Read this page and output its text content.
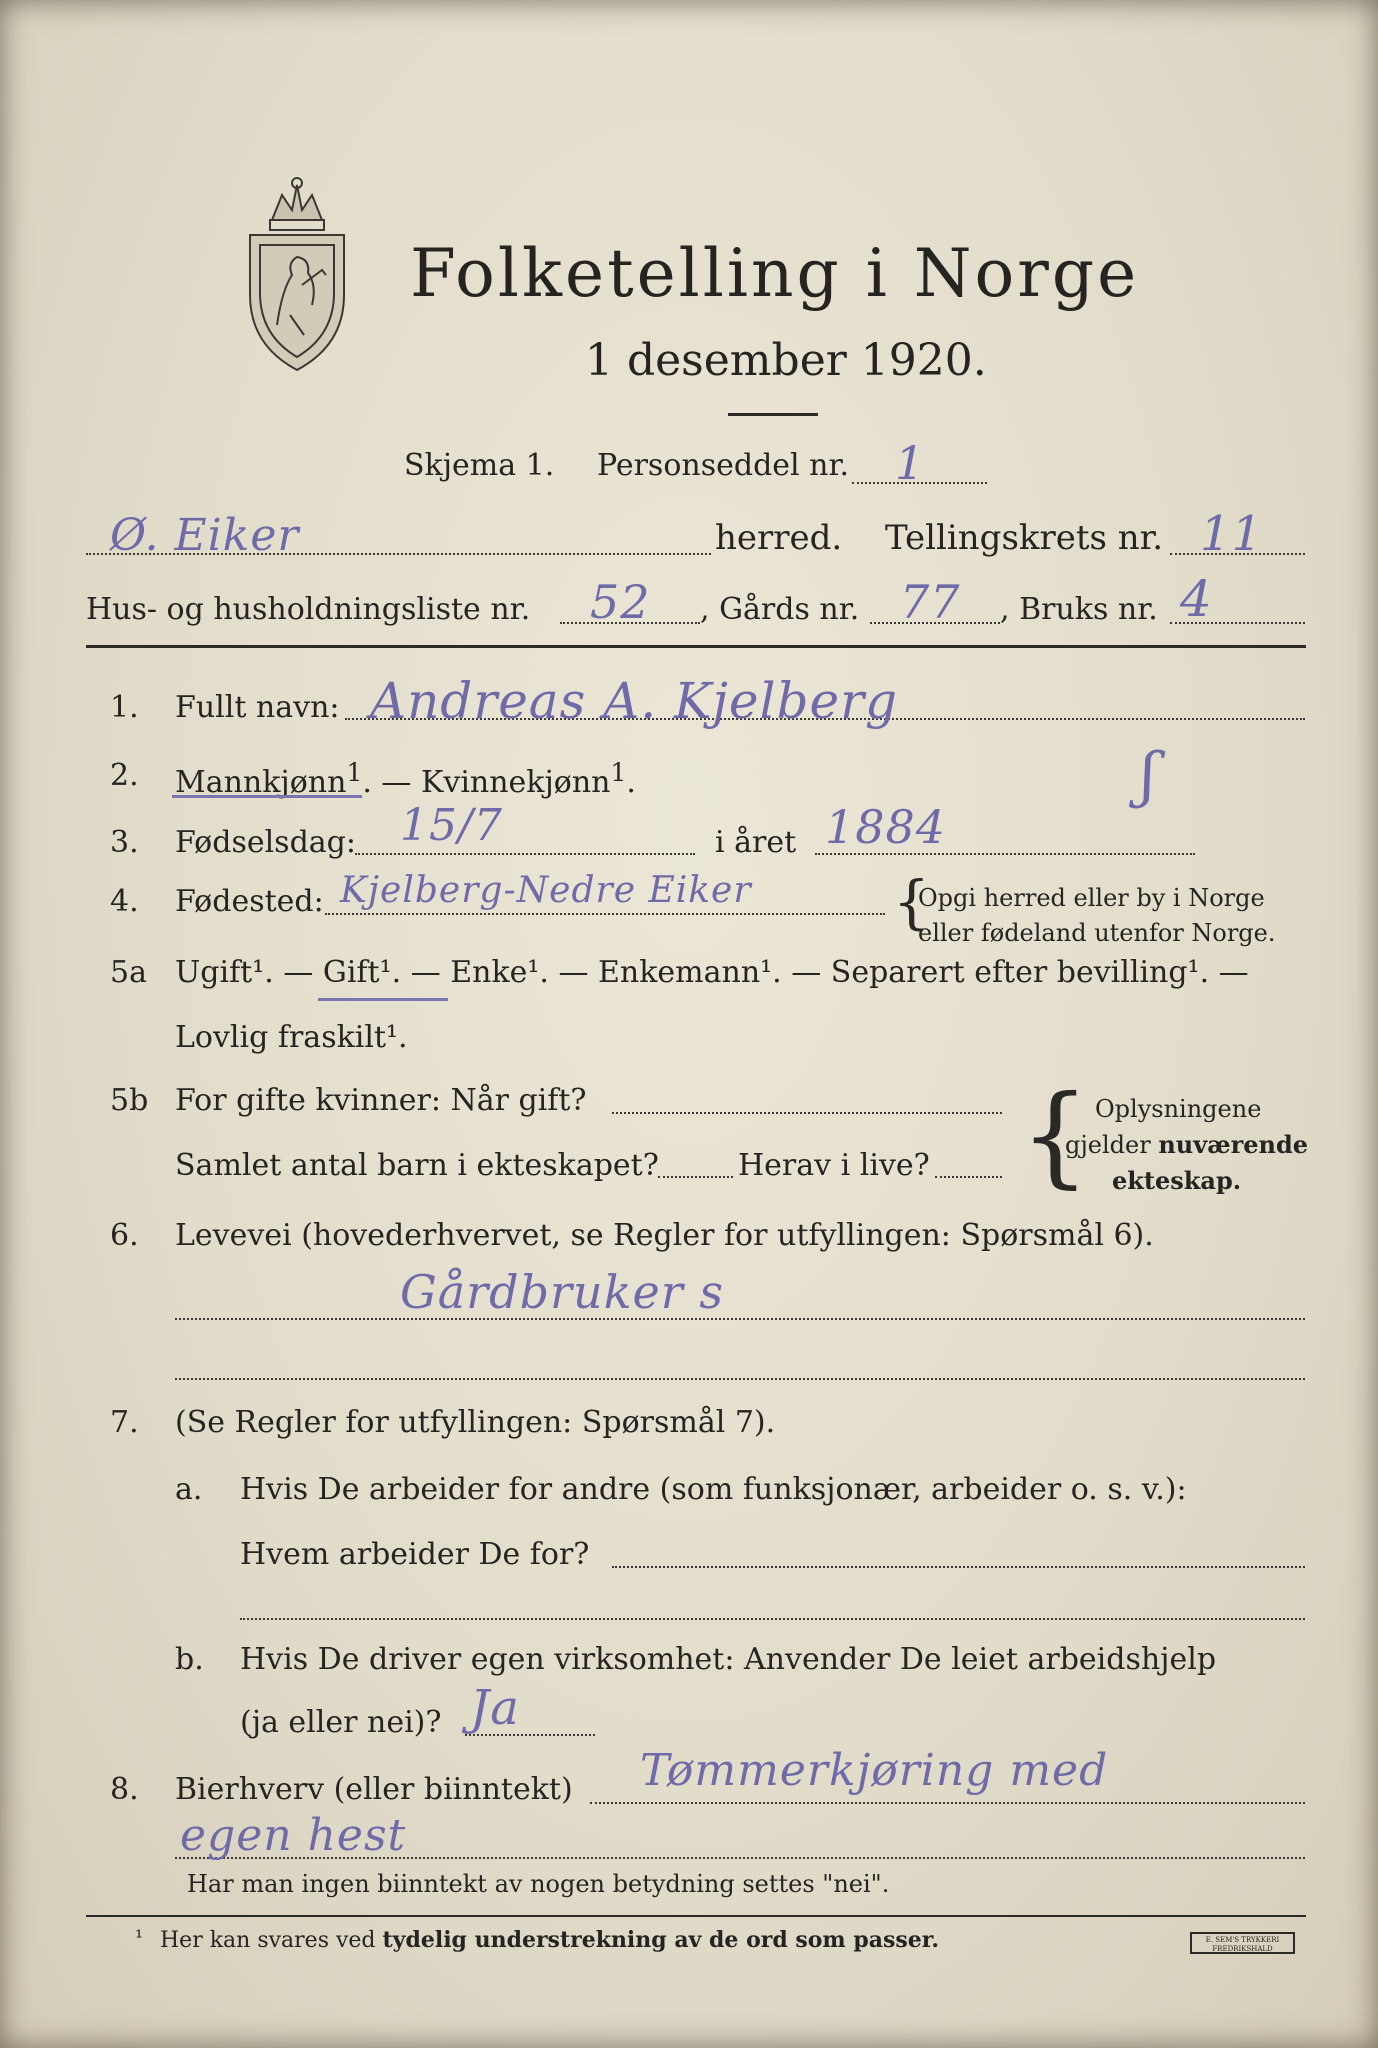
Folketelling i Norge
1 desember 1920.
Skjema 1. Personseddel nr. 1
Ø. Eiker	herred. Tellingskrets nr. 11
Hus- og husholdningsliste nr. 52 , Gårds nr. 77 , Bruks nr. 4
1. Fullt navn: Andreas A. Kjelberg
2. Mannkjønn$^1$. — Kvinnekjønn$^1$.	ʃ
3. Fødselsdag: 15/7	i året 1884
4. Fødested: Kjelberg-Nedre Eiker {
Opgi herred eller by i Norge
eller fødeland utenfor Norge.
5a Ugift¹. — Gift¹. — Enke¹. — Enkemann¹. — Separert efter bevilling¹. —
Lovlig fraskilt¹.
5b For gifte kvinner: Når gift?
Samlet antal barn i ekteskapet?	Herav i live? { Oplysningene
gjelder nuværende
ekteskap.
6. Levevei (hovederhvervet, se Regler for utfyllingen: Spørsmål 6).
Gårdbruker s
7. (Se Regler for utfyllingen: Spørsmål 7).
a. Hvis De arbeider for andre (som funksjonær, arbeider o. s. v.):
Hvem arbeider De for?
b. Hvis De driver egen virksomhet: Anvender De leiet arbeidshjelp
(ja eller nei)? Ja
8. Bierhverv (eller biinntekt) Tømmerkjøring med
egen hest
Har man ingen biinntekt av nogen betydning settes "nei".
¹ Her kan svares ved tydelig understrekning av de ord som passer.	E. SEM'S TRYKKERI FREDRIKSHALD
